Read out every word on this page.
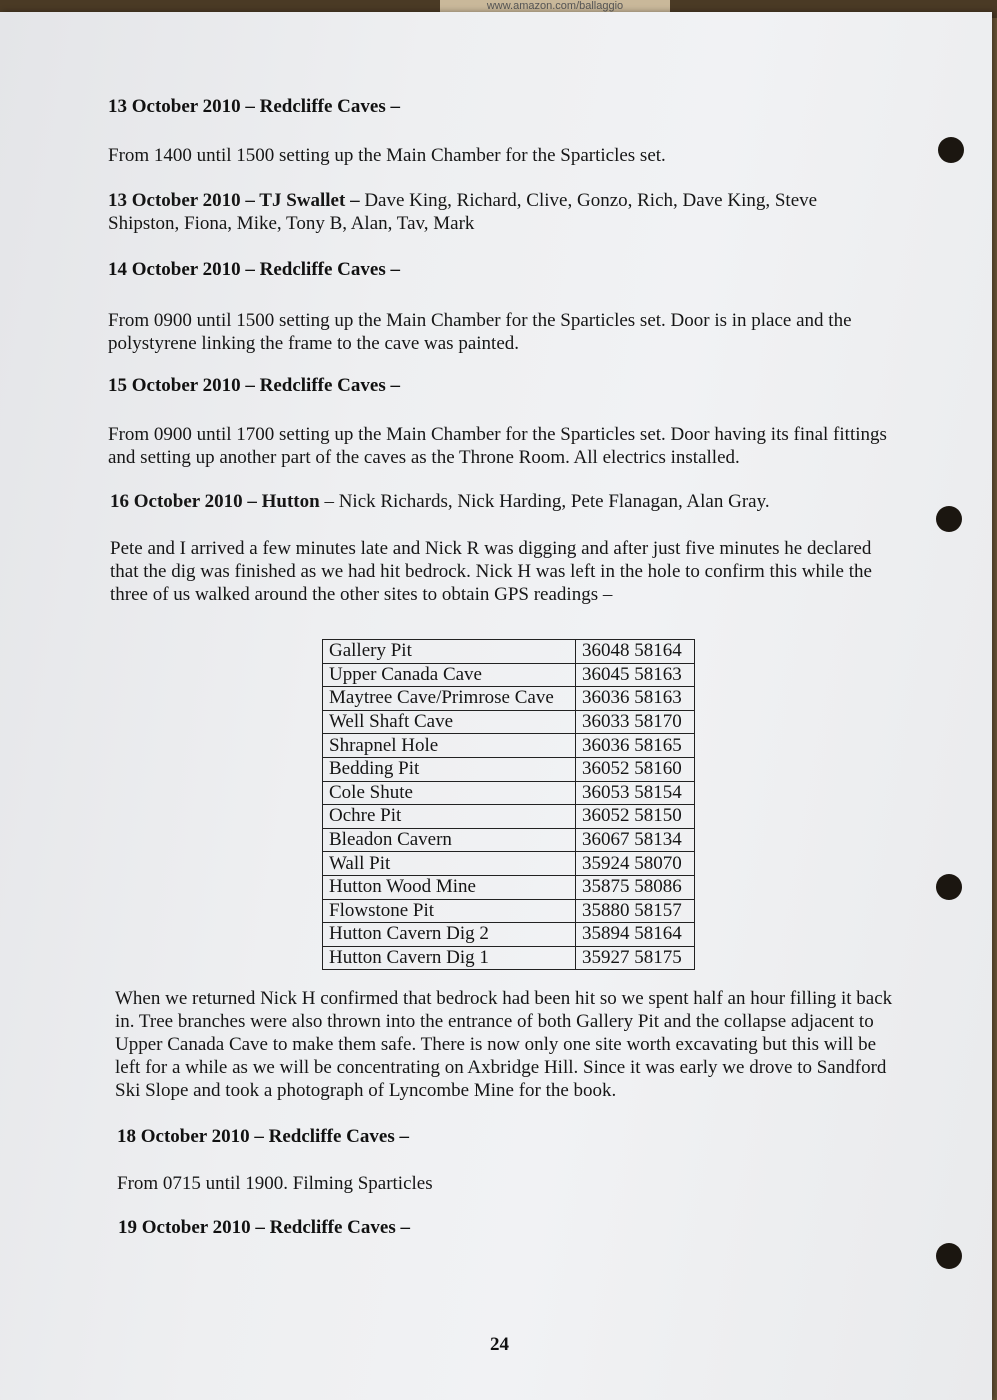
www.amazon.com/ballaggio
13 October 2010 – Redcliffe Caves –
From 1400 until 1500 setting up the Main Chamber for the Sparticles set.
13 October 2010 – TJ Swallet – Dave King, Richard, Clive, Gonzo, Rich, Dave King, Steve Shipston, Fiona, Mike, Tony B, Alan, Tav, Mark
14 October 2010 – Redcliffe Caves –
From 0900 until 1500 setting up the Main Chamber for the Sparticles set. Door is in place and the polystyrene linking the frame to the cave was painted.
15 October 2010 – Redcliffe Caves –
From 0900 until 1700 setting up the Main Chamber for the Sparticles set. Door having its final fittings and setting up another part of the caves as the Throne Room. All electrics installed.
16 October 2010 – Hutton – Nick Richards, Nick Harding, Pete Flanagan, Alan Gray.
Pete and I arrived a few minutes late and Nick R was digging and after just five minutes he declared that the dig was finished as we had hit bedrock. Nick H was left in the hole to confirm this while the three of us walked around the other sites to obtain GPS readings –
Gallery Pit	36048 58164
Upper Canada Cave	36045 58163
Maytree Cave/Primrose Cave	36036 58163
Well Shaft Cave	36033 58170
Shrapnel Hole	36036 58165
Bedding Pit	36052 58160
Cole Shute	36053 58154
Ochre Pit	36052 58150
Bleadon Cavern	36067 58134
Wall Pit	35924 58070
Hutton Wood Mine	35875 58086
Flowstone Pit	35880 58157
Hutton Cavern Dig 2	35894 58164
Hutton Cavern Dig 1	35927 58175
When we returned Nick H confirmed that bedrock had been hit so we spent half an hour filling it back in. Tree branches were also thrown into the entrance of both Gallery Pit and the collapse adjacent to Upper Canada Cave to make them safe. There is now only one site worth excavating but this will be left for a while as we will be concentrating on Axbridge Hill. Since it was early we drove to Sandford Ski Slope and took a photograph of Lyncombe Mine for the book.
18 October 2010 – Redcliffe Caves –
From 0715 until 1900. Filming Sparticles
19 October 2010 – Redcliffe Caves –
24
